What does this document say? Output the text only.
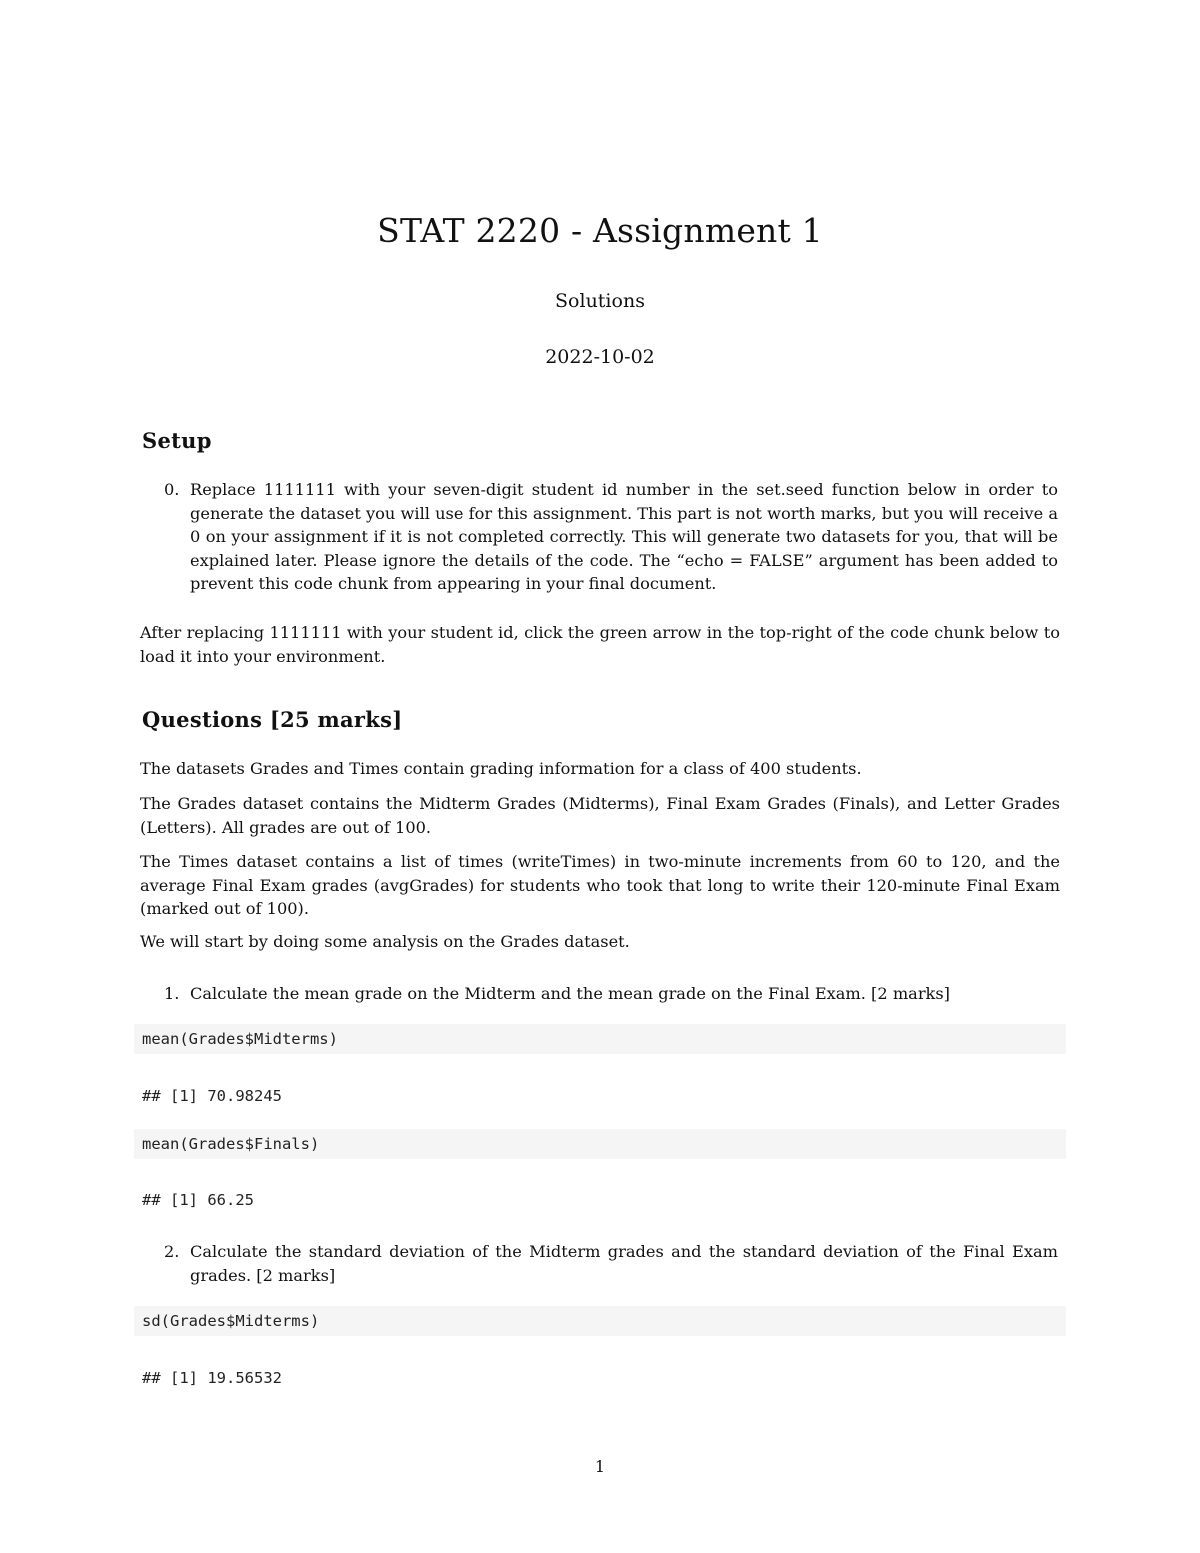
STAT 2220 - Assignment 1
Solutions
2022-10-02
Setup
0. Replace 1111111 with your seven-digit student id number in the set.seed function below in order to generate the dataset you will use for this assignment. This part is not worth marks, but you will receive a 0 on your assignment if it is not completed correctly. This will generate two datasets for you, that will be explained later. Please ignore the details of the code. The “echo = FALSE” argument has been added to prevent this code chunk from appearing in your final document.
After replacing 1111111 with your student id, click the green arrow in the top-right of the code chunk below to load it into your environment.
Questions [25 marks]
The datasets Grades and Times contain grading information for a class of 400 students.
The Grades dataset contains the Midterm Grades (Midterms), Final Exam Grades (Finals), and Letter Grades (Letters). All grades are out of 100.
The Times dataset contains a list of times (writeTimes) in two-minute increments from 60 to 120, and the average Final Exam grades (avgGrades) for students who took that long to write their 120-minute Final Exam (marked out of 100).
We will start by doing some analysis on the Grades dataset.
1. Calculate the mean grade on the Midterm and the mean grade on the Final Exam. [2 marks]
mean(Grades$Midterms)
## [1] 70.98245
mean(Grades$Finals)
## [1] 66.25
2. Calculate the standard deviation of the Midterm grades and the standard deviation of the Final Exam grades. [2 marks]
sd(Grades$Midterms)
## [1] 19.56532
1
